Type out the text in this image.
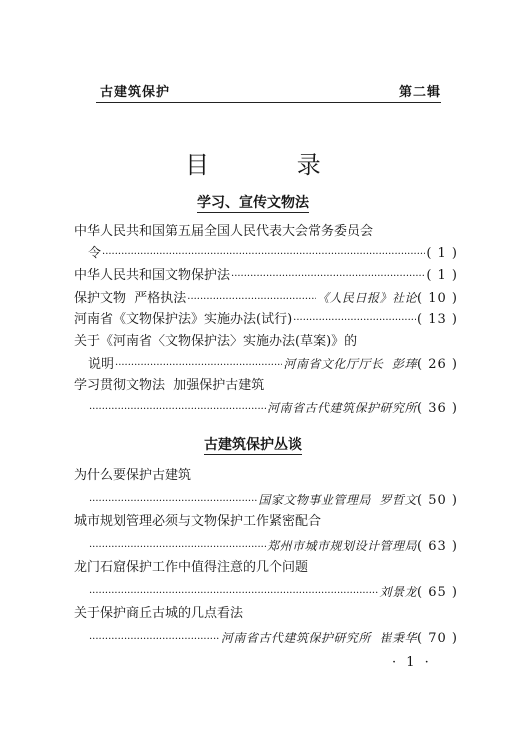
古建筑保护	第二辑
目 录
学习、宣传文物法
中华人民共和国第五届全国人民代表大会常务委员会
令 ·····	( 1 )
中华人民共和国文物保护法 ·····	( 1 )
保护文物  严格执法 ·····	《人民日报》社论 ( 10 )
河南省《文物保护法》实施办法(试行) ·····	( 13 )
关于《河南省〈文物保护法〉实施办法(草案)》的
说明 ·····	河南省文化厅厅长  彭琫 ( 26 )
学习贯彻文物法  加强保护古建筑
·····
河南省古代建筑保护研究所 ( 36 )
古建筑保护丛谈
为什么要保护古建筑
·····
国家文物事业管理局  罗哲文 ( 50 )
城市规划管理必须与文物保护工作紧密配合
·····
郑州市城市规划设计管理局 ( 63 )
龙门石窟保护工作中值得注意的几个问题
·····
刘景龙 ( 65 )
关于保护商丘古城的几点看法
·····
河南省古代建筑保护研究所  崔秉华 ( 70 )
· 1 ·
